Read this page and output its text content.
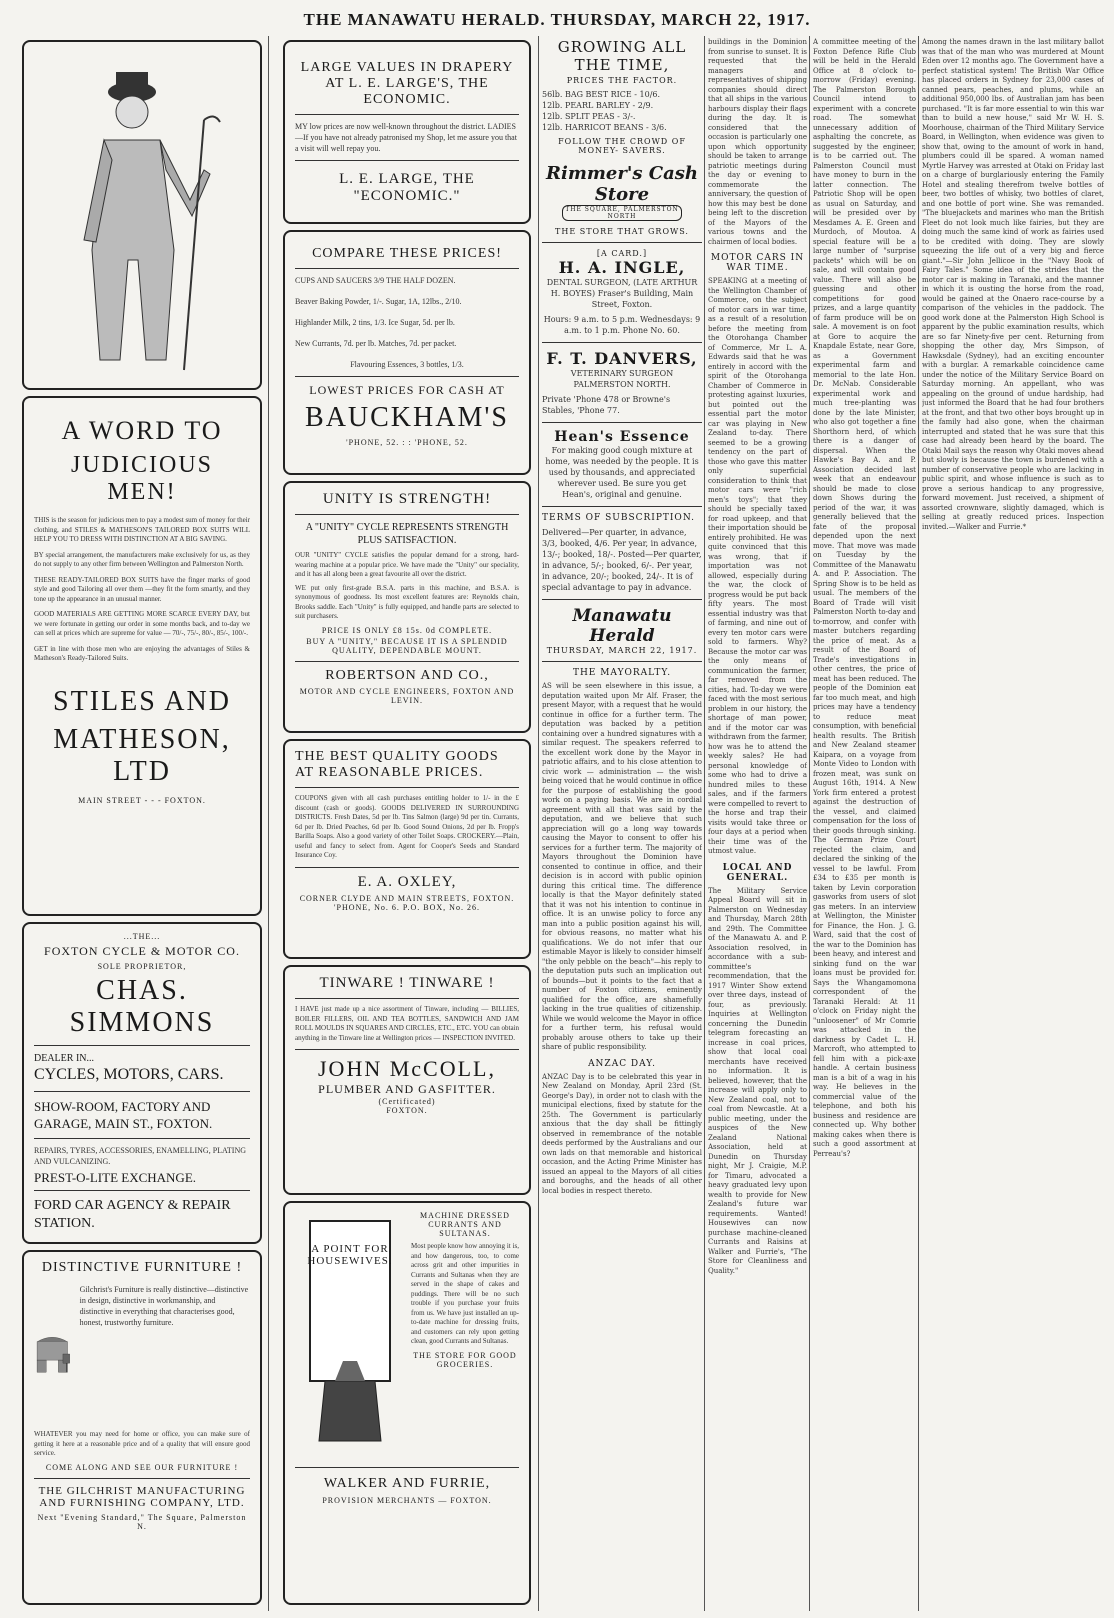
THE MANAWATU HERALD. THURSDAY, MARCH 22, 1917.
A WORD TO
JUDICIOUS MEN!
THIS is the season for judicious men to pay a modest sum of money for their clothing, and STILES & MATHESON'S TAILORED BOX SUITS WILL HELP YOU TO DRESS WITH DISTINCTION AT A BIG SAVING.
BY special arrangement, the manufacturers make exclusively for us, as they do not supply to any other firm between Wellington and Palmerston North.
THESE READY-TAILORED BOX SUITS have the finger marks of good style and good Tailoring all over them —they fit the form smartly, and they tone up the appearance in an unusual manner.
GOOD MATERIALS ARE GETTING MORE SCARCE EVERY DAY, but we were fortunate in getting our order in some months back, and to-day we can sell at prices which are supreme for value — 70/-, 75/-, 80/-, 85/-, 100/-.
GET in line with those men who are enjoying the advantages of Stiles & Matheson's Ready-Tailored Suits.
STILES AND
MATHESON, LTD
MAIN STREET - - - FOXTON.
...THE...
FOXTON CYCLE & MOTOR CO.
SOLE PROPRIETOR,
CHAS. SIMMONS
DEALER IN...
CYCLES, MOTORS, CARS.
SHOW-ROOM, FACTORY AND GARAGE, MAIN ST., FOXTON.
REPAIRS, TYRES, ACCESSORIES, ENAMELLING, PLATING AND VULCANIZING.
PREST-O-LITE EXCHANGE.
FORD CAR AGENCY & REPAIR STATION.
DISTINCTIVE FURNITURE !
Gilchrist's Furniture is really distinctive—distinctive in design, distinctive in workmanship, and distinctive in everything that characterises good, honest, trustworthy furniture.
WHATEVER you may need for home or office, you can make sure of getting it here at a reasonable price and of a quality that will ensure good service.
COME ALONG AND SEE OUR FURNITURE !
THE GILCHRIST MANUFACTURING AND FURNISHING COMPANY, LTD.
Next "Evening Standard," The Square, Palmerston N.
LARGE VALUES IN DRAPERY AT L. E. LARGE'S, THE ECONOMIC.
MY low prices are now well-known throughout the district. LADIES—If you have not already patronised my Shop, let me assure you that a visit will well repay you.
L. E. LARGE, THE "ECONOMIC."
COMPARE THESE PRICES!
CUPS AND SAUCERS 3/9 THE HALF DOZEN.
Beaver Baking Powder, 1/-. Sugar, 1A, 12lbs., 2/10.
Highlander Milk, 2 tins, 1/3. Ice Sugar, 5d. per lb.
New Currants, 7d. per lb. Matches, 7d. per packet.
Flavouring Essences, 3 bottles, 1/3.
LOWEST PRICES FOR CASH AT
BAUCKHAM'S
'PHONE, 52. : : 'PHONE, 52.
UNITY IS STRENGTH!
A "UNITY" CYCLE REPRESENTS STRENGTH PLUS SATISFACTION.
OUR "UNITY" CYCLE satisfies the popular demand for a strong, hard-wearing machine at a popular price. We have made the "Unity" our speciality, and it has all along been a great favourite all over the district.
WE put only first-grade B.S.A. parts in this machine, and B.S.A. is synonymous of goodness. Its most excellent features are: Reynolds chain, Brooks saddle. Each "Unity" is fully equipped, and handle parts are selected to suit purchasers.
PRICE IS ONLY £8 15s. 0d COMPLETE.
BUY A "UNITY," BECAUSE IT IS A SPLENDID QUALITY, DEPENDABLE MOUNT.
ROBERTSON AND CO.,
MOTOR AND CYCLE ENGINEERS, FOXTON AND LEVIN.
THE BEST QUALITY GOODS AT REASONABLE PRICES.
COUPONS given with all cash purchases entitling holder to 1/- in the £ discount (cash or goods). GOODS DELIVERED IN SURROUNDING DISTRICTS. Fresh Dates, 5d per lb. Tins Salmon (large) 9d per tin. Currants, 6d per lb. Dried Peaches, 6d per lb. Good Sound Onions, 2d per lb. Fropp's Barilla Soaps. Also a good variety of other Toilet Soaps. CROCKERY.—Plain, useful and fancy to select from. Agent for Cooper's Seeds and Standard Insurance Coy.
E. A. OXLEY,
CORNER CLYDE AND MAIN STREETS, FOXTON. 'PHONE, No. 6. P.O. BOX, No. 26.
TINWARE ! TINWARE !
I HAVE just made up a nice assortment of Tinware, including — BILLIES, BOILER FILLERS, OIL AND TEA BOTTLES, SANDWICH AND JAM ROLL MOULDS IN SQUARES AND CIRCLES, ETC., ETC. YOU can obtain anything in the Tinware line at Wellington prices — INSPECTION INVITED.
JOHN McCOLL,
PLUMBER AND GASFITTER.
(Certificated)
FOXTON.
MACHINE DRESSED CURRANTS AND SULTANAS.
Most people know how annoying it is, and how dangerous, too, to come across grit and other impurities in Currants and Sultanas when they are served in the shape of cakes and puddings. There will be no such trouble if you purchase your fruits from us. We have just installed an up-to-date machine for dressing fruits, and customers can rely upon getting clean, good Currants and Sultanas.
THE STORE FOR GOOD GROCERIES.
A POINT FOR HOUSEWIVES.
WALKER AND FURRIE,
PROVISION MERCHANTS — FOXTON.
GROWING ALL THE TIME,
PRICES THE FACTOR.
56lb. BAG BEST RICE - 10/6.
12lb. PEARL BARLEY - 2/9.
12lb. SPLIT PEAS - 3/-.
12lb. HARRICOT BEANS - 3/6.
FOLLOW THE CROWD OF MONEY- SAVERS.
Rimmer's Cash Store
THE SQUARE, PALMERSTON NORTH
THE STORE THAT GROWS.
[A CARD.]
H. A. INGLE,
DENTAL SURGEON, (LATE ARTHUR H. BOYES) Fraser's Building, Main Street, Foxton.
Hours: 9 a.m. to 5 p.m. Wednesdays: 9 a.m. to 1 p.m. Phone No. 60.
F. T. DANVERS,
VETERINARY SURGEON PALMERSTON NORTH.
Private 'Phone 478 or Browne's Stables, 'Phone 77.
Hean's Essence
For making good cough mixture at home, was needed by the people. It is used by thousands, and appreciated wherever used. Be sure you get Hean's, original and genuine.
TERMS OF SUBSCRIPTION.
Delivered—Per quarter, in advance, 3/3, booked, 4/6. Per year, in advance, 13/-; booked, 18/-. Posted—Per quarter, in advance, 5/-; booked, 6/-. Per year, in advance, 20/-; booked, 24/-. It is of special advantage to pay in advance.
Manawatu Herald
THURSDAY, MARCH 22, 1917.
THE MAYORALTY.
AS will be seen elsewhere in this issue, a deputation waited upon Mr Alf. Fraser, the present Mayor, with a request that he would continue in office for a further term. The deputation was backed by a petition containing over a hundred signatures with a similar request. The speakers referred to the excellent work done by the Mayor in patriotic affairs, and to his close attention to civic work — administration — the wish being voiced that he would continue in office for the purpose of establishing the good work on a paying basis. We are in cordial agreement with all that was said by the deputation, and we believe that such appreciation will go a long way towards causing the Mayor to consent to offer his services for a further term. The majority of Mayors throughout the Dominion have consented to continue in office, and their decision is in accord with public opinion during this critical time. The difference locally is that the Mayor definitely stated that it was not his intention to continue in office. It is an unwise policy to force any man into a public position against his will, for obvious reasons, no matter what his qualifications. We do not infer that our estimable Mayor is likely to consider himself "the only pebble on the beach"—his reply to the deputation puts such an implication out of bounds—but it points to the fact that a number of Foxton citizens, eminently qualified for the office, are shamefully lacking in the true qualities of citizenship. While we would welcome the Mayor in office for a further term, his refusal would probably arouse others to take up their share of public responsibility.
ANZAC DAY.
ANZAC Day is to be celebrated this year in New Zealand on Monday, April 23rd (St. George's Day), in order not to clash with the municipal elections, fixed by statute for the 25th. The Government is particularly anxious that the day shall be fittingly observed in remembrance of the notable deeds performed by the Australians and our own lads on that memorable and historical occasion, and the Acting Prime Minister has issued an appeal to the Mayors of all cities and boroughs, and the heads of all other local bodies in respect thereto.
buildings in the Dominion from sunrise to sunset. It is requested that the managers and representatives of shipping companies should direct that all ships in the various harbours display their flags during the day. It is considered that the occasion is particularly one upon which opportunity should be taken to arrange patriotic meetings during the day or evening to commemorate the anniversary, the question of how this may best be done being left to the discretion of the Mayors of the various towns and the chairmen of local bodies.
MOTOR CARS IN WAR TIME.
SPEAKING at a meeting of the Wellington Chamber of Commerce, on the subject of motor cars in war time, as a result of a resolution before the meeting from the Otorohanga Chamber of Commerce, Mr L. A. Edwards said that he was entirely in accord with the spirit of the Otorohanga Chamber of Commerce in protesting against luxuries, but pointed out the essential part the motor car was playing in New Zealand to-day. There seemed to be a growing tendency on the part of those who gave this matter only superficial consideration to think that motor cars were "rich men's toys"; that they should be specially taxed for road upkeep, and that their importation should be entirely prohibited. He was quite convinced that this was wrong, that if importation was not allowed, especially during the war, the clock of progress would be put back fifty years. The most essential industry was that of farming, and nine out of every ten motor cars were sold to farmers. Why? Because the motor car was the only means of communication the farmer, far removed from the cities, had. To-day we were faced with the most serious problem in our history, the shortage of man power, and if the motor car was withdrawn from the farmer, how was he to attend the weekly sales? He had personal knowledge of some who had to drive a hundred miles to these sales, and if the farmers were compelled to revert to the horse and trap their visits would take three or four days at a period when their time was of the utmost value.
LOCAL AND GENERAL.
The Military Service Appeal Board will sit in Palmerston on Wednesday and Thursday, March 28th and 29th. The Committee of the Manawatu A. and P. Association resolved, in accordance with a sub-committee's recommendation, that the 1917 Winter Show extend over three days, instead of four, as previously. Inquiries at Wellington concerning the Dunedin telegram forecasting an increase in coal prices, show that local coal merchants have received no information. It is believed, however, that the increase will apply only to New Zealand coal, not to coal from Newcastle. At a public meeting, under the auspices of the New Zealand National Association, held at Dunedin on Thursday night, Mr J. Craigie, M.P. for Timaru, advocated a heavy graduated levy upon wealth to provide for New Zealand's future war requirements. Wanted! Housewives can now purchase machine-cleaned Currants and Raisins at Walker and Furrie's, "The Store for Cleanliness and Quality."
A committee meeting of the Foxton Defence Rifle Club will be held in the Herald Office at 8 o'clock to-morrow (Friday) evening. The Palmerston Borough Council intend to experiment with a concrete road. The somewhat unnecessary addition of asphalting the concrete, as suggested by the engineer, is to be carried out. The Palmerston Council must have money to burn in the latter connection. The Patriotic Shop will be open as usual on Saturday, and will be presided over by Mesdames A. E. Green and Murdoch, of Moutoa. A special feature will be a large number of "surprise packets" which will be on sale, and will contain good value. There will also be guessing and other competitions for good prizes, and a large quantity of farm produce will be on sale. A movement is on foot at Gore to acquire the Knapdale Estate, near Gore, as a Government experimental farm and memorial to the late Hon. Dr. McNab. Considerable experimental work and much tree-planting was done by the late Minister, who also got together a fine Shorthorn herd, of which there is a danger of dispersal. When the Hawke's Bay A. and P. Association decided last week that an endeavour should be made to close down Shows during the period of the war, it was generally believed that the fate of the proposal depended upon the next move. That move was made on Tuesday by the Committee of the Manawatu A. and P. Association. The Spring Show is to be held as usual. The members of the Board of Trade will visit Palmerston North to-day and to-morrow, and confer with master butchers regarding the price of meat. As a result of the Board of Trade's investigations in other centres, the price of meat has been reduced. The people of the Dominion eat far too much meat, and high prices may have a tendency to reduce meat consumption, with beneficial health results. The British and New Zealand steamer Kaipara, on a voyage from Monte Video to London with frozen meat, was sunk on August 16th, 1914. A New York firm entered a protest against the destruction of the vessel, and claimed compensation for the loss of their goods through sinking. The German Prize Court rejected the claim, and declared the sinking of the vessel to be lawful. From £34 to £35 per month is taken by Levin corporation gasworks from users of slot gas meters. In an interview at Wellington, the Minister for Finance, the Hon. J. G. Ward, said that the cost of the war to the Dominion has been heavy, and interest and sinking fund on the war loans must be provided for. Says the Whangamomona correspondent of the Taranaki Herald: At 11 o'clock on Friday night the "unloosener" of Mr Comrie was attacked in the darkness by Cadet L. H. Marcroft, who attempted to fell him with a pick-axe handle. A certain business man is a bit of a wag in his way. He believes in the commercial value of the telephone, and both his business and residence are connected up. Why bother making cakes when there is such a good assortment at Perreau's?
Among the names drawn in the last military ballot was that of the man who was murdered at Mount Eden over 12 months ago. The Government have a perfect statistical system! The British War Office has placed orders in Sydney for 23,000 cases of canned pears, peaches, and plums, while an additional 950,000 lbs. of Australian jam has been purchased. "It is far more essential to win this war than to build a new house," said Mr W. H. S. Moorhouse, chairman of the Third Military Service Board, in Wellington, when evidence was given to show that, owing to the amount of work in hand, plumbers could ill be spared. A woman named Myrtle Harvey was arrested at Otaki on Friday last on a charge of burglariously entering the Family Hotel and stealing therefrom twelve bottles of beer, two bottles of whisky, two bottles of claret, and one bottle of port wine. She was remanded. "The bluejackets and marines who man the British Fleet do not look much like fairies, but they are doing much the same kind of work as fairies used to be credited with doing. They are slowly squeezing the life out of a very big and fierce giant."—Sir John Jellicoe in the "Navy Book of Fairy Tales." Some idea of the strides that the motor car is making in Taranaki, and the manner in which it is ousting the horse from the road, would be gained at the Onaero race-course by a comparison of the vehicles in the paddock. The good work done at the Palmerston High School is apparent by the public examination results, which are so far Ninety-five per cent. Returning from shopping the other day, Mrs Simpson, of Hawksdale (Sydney), had an exciting encounter with a burglar. A remarkable coincidence came under the notice of the Military Service Board on Saturday morning. An appellant, who was appealing on the ground of undue hardship, had just informed the Board that he had four brothers at the front, and that two other boys brought up in the family had also gone, when the chairman interrupted and stated that he was sure that this case had already been heard by the board. The Otaki Mail says the reason why Otaki moves ahead but slowly is because the town is burdened with a number of conservative people who are lacking in public spirit, and whose influence is such as to prove a serious handicap to any progressive, forward movement. Just received, a shipment of assorted crownware, slightly damaged, which is selling at greatly reduced prices. Inspection invited.—Walker and Furrie.*
